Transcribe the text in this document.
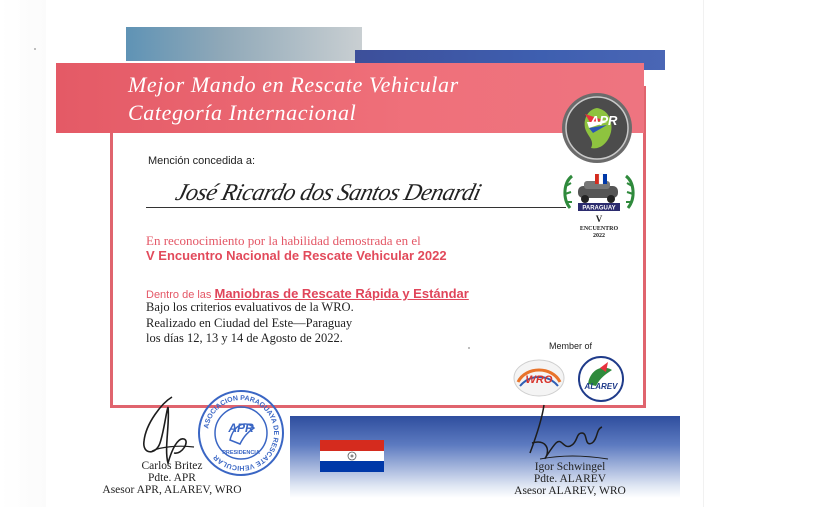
Mejor Mando en Rescate Vehicular
Categoría Internacional	APR
PARAGUAY
V
ENCUENTRO
2022
Mención concedida a:
José Ricardo dos Santos Denardi
En reconocimiento por la habilidad demostrada en el
V Encuentro Nacional de Rescate Vehicular 2022
Dentro de las Maniobras de Rescate Rápida y Estándar
Bajo los criterios evaluativos de la WRO.
Realizado en Ciudad del Este—Paraguay
los días 12, 13 y 14 de Agosto de 2022.
Member of
WRO
ALAREV
ASOCIACION PARAGUAYA DE RESCATE VEHICULAR
APR
PRESIDENCIA
Carlos Britez
Pdte. APR
Asesor APR, ALAREV, WRO
Igor Schwingel
Pdte. ALAREV
Asesor ALAREV, WRO
